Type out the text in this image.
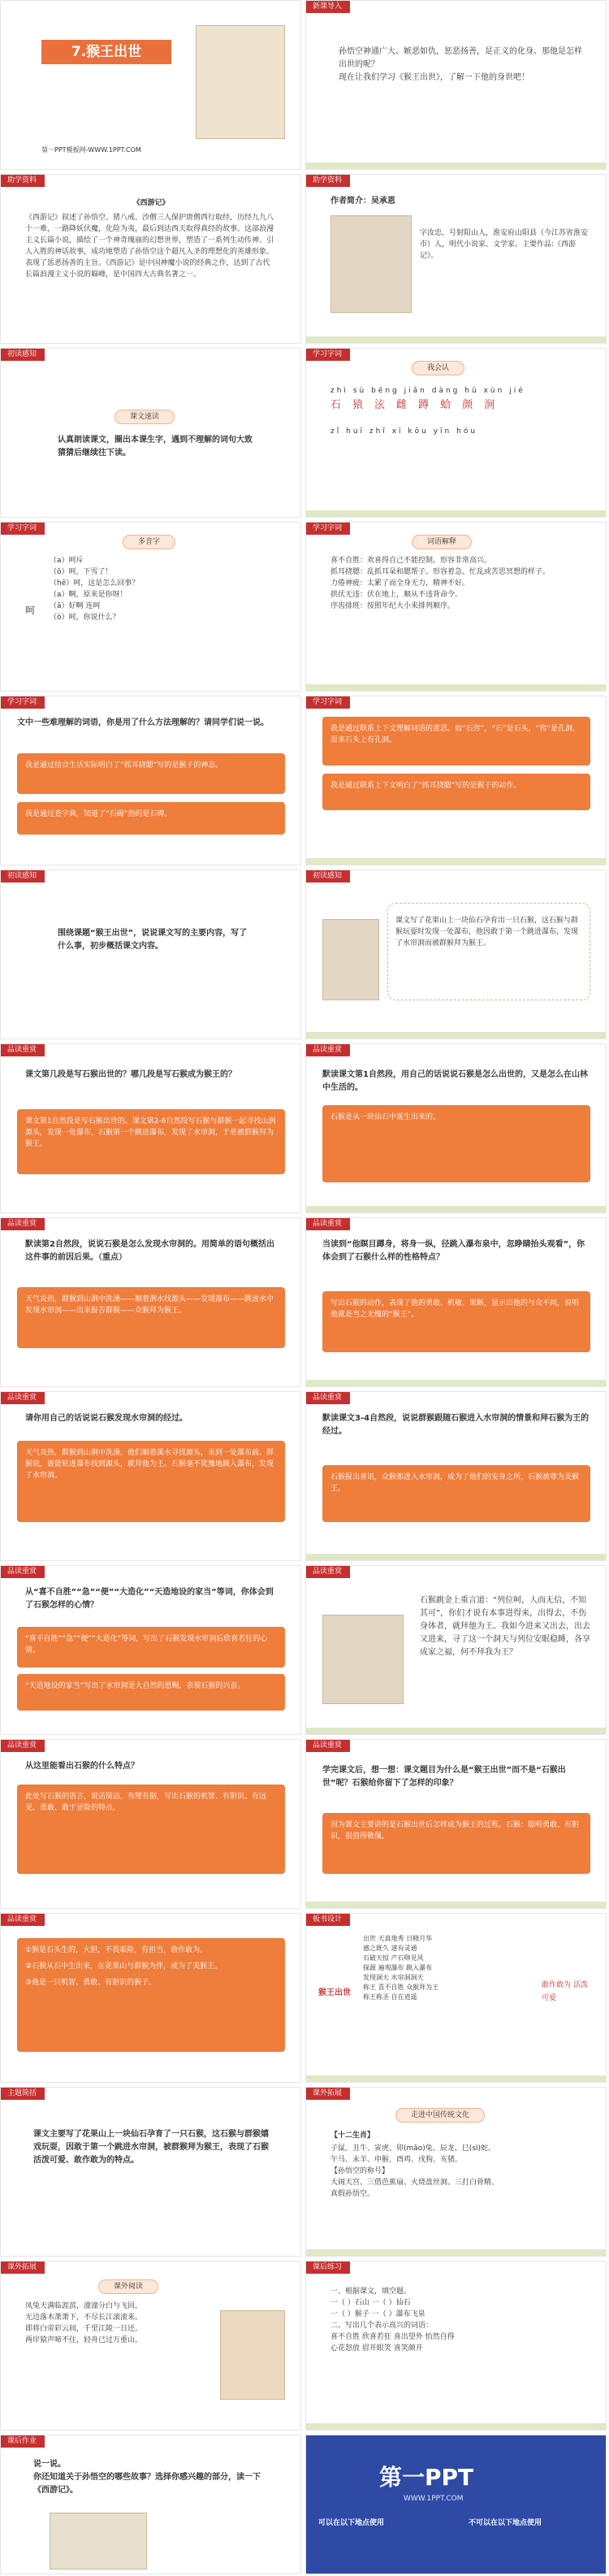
7.猴王出世
第一PPT模板网-WWW.1PPT.COM
新课导入
孙悟空神通广大、嫉恶如仇，惩恶扬善，是正义的化身。那他是怎样出世的呢？
现在让我们学习《猴王出世》，了解一下他的身世吧！
助学资料
《西游记》
《西游记》叙述了孙悟空、猪八戒、沙僧三人保护唐僧西行取经，历经九九八十一难，一路降妖伏魔，化险为夷，最后到达西天取得真经的故事。这部浪漫主义长篇小说，描绘了一个神奇瑰丽的幻想世界，塑造了一系列生动传神、引人入胜的神话故事，成功地塑造了孙悟空这个超凡入圣的理想化的英雄形象。表现了惩恶扬善的主旨。《西游记》是中国神魔小说的经典之作，达到了古代长篇浪漫主义小说的巅峰，是中国四大古典名著之一。
助学资料
作者简介：吴承恩
字汝忠，号射阳山人，淮安府山阳县（今江苏省淮安市）人，明代小说家、文学家。主要作品:《西游记》。
初读感知
课文速读
认真朗读课文，圈出本课生字，遇到不理解的词句大致猜猜后继续往下读。
学习字词
我会认
zhì sù bēng jiǎn dàng hǔ xùn jié
石猿泫雌蹲蛤颜涧
zǐ huī zhǐ xī kōu yīn hóu
学习字词
多音字
呵
（a）呵斥
（ō）呵，下雪了！
（hē）呵，这是怎么回事？
（a）啊，原来是你呀！
（ā）好啊 连呵
（ò）呵，你说什么？
学习字词
词语解释
喜不自胜：欢喜得自己不能控制。形容非常高兴。
抓耳挠腮：乱抓耳朵和腮帮子。形容着急、忙乱或苦思冥想的样子。
力倦神疲：太累了而全身无力，精神不好。
拱伏无违：伏在地上，顺从不违背命令。
序齿排班：按照年纪大小来排列顺序。
学习字词
文中一些难理解的词语，你是用了什么方法理解的？请同学们说一说。
我是通过结合生活实际明白了“抓耳挠腮”写的是猴子的神态。
我是通过查字典，知道了“石碣”指的是石碑。
学习字词
我是通过联系上下文理解词语的意思。如“石窍”，“石”是石头，“窍”是孔洞，原来石头上有孔洞。
我是通过联系上下文明白了“抓耳挠腮”写的是猴子的动作。
初读感知
围绕课题“猴王出世”，说说课文写的主要内容，写了什么事，初步概括课文内容。
初读感知
课文写了花果山上一块仙石孕育出一只石猴，这石猴与群猴玩耍时发现一处瀑布，他因敢于第一个跳进瀑布，发现了水帘洞而被群猴拜为猴王。
品读重赏
课文第几段是写石猴出世的？哪几段是写石猴成为猴王的？
课文第1自然段是写石猴出世的。课文第2-6自然段写石猴与群猴一起寻找山涧源头，发现一处瀑布，石猴第一个跳进瀑布，发现了水帘洞，于是被群猴拜为猴王。
品读重赏
默读课文第1自然段，用自己的话说说石猴是怎么出世的，又是怎么在山林中生活的。
石猴是从一块仙石中诞生出来的。
品读重赏
默读第2自然段，说说石猴是怎么发现水帘洞的。用简单的语句概括出这件事的前因后果。（重点）
天气炎热，群猴到山涧中洗澡——顺着涧水找源头——发现瀑布——跳进水中发现水帘洞——出来报告群猴——众猴拜为猴王。
品读重赏
当读到“他瞑目蹲身，将身一纵，径跳入瀑布泉中，忽睁睛抬头观看”，你体会到了石猴什么样的性格特点？
写出石猴的动作，表现了他的勇敢、机敏、果断，显示出他的与众不同，说明他就是当之无愧的“猴王”。
品读重赏
请你用自己的话说说石猴发现水帘洞的经过。
天气炎热，群猴到山涧中洗澡，他们顺着溪水寻找源头，来到一处瀑布前。群猴说，谁能钻进瀑布找到源头，就拜他为王。石猴毫不犹豫地跳入瀑布，发现了水帘洞。
品读重赏
默读课文3-4自然段，说说群猴跟随石猴进入水帘洞的情景和拜石猴为王的经过。
石猴报出喜讯，众猴都进入水帘洞，成为了他们的安身之所，石猴被尊为美猴王。
品读重赏
从“喜不自胜”“急”“便”“大造化”“天造地设的家当”等词，你体会到了石猴怎样的心情？
“喜不自胜”“急”“便”“大造化”等词，写出了石猴发现水帘洞后欣喜若狂的心情。
“天造地设的家当”写出了水帘洞是大自然的恩赐，表现石猴的兴奋。
品读重赏
石猴跳金上重言道：“列位呵，人而无信，不知其可”，你们才说有本事进得来，出得去，不伤身体者，就拜他为王。我如今进来又出去，出去又进来，寻了这一个洞天与列位安眠稳睡，各享成家之福，何不拜我为王？
品读重赏
从这里能看出石猴的什么特点？
此处写石猴的语言，说话简洁，有理有据，写出石猴的机智、有胆识、有远见、勇敢、敢于冒险的特点。
品读重赏
学完课文后，想一想：课文题目为什么是“猴王出世”而不是“石猴出世”呢？石猴给你留下了怎样的印象？
因为课文主要讲的是石猴出世后怎样成为猴王的过程。石猴：聪明勇敢、有胆识，很值得敬佩。
品读重赏
①猴是石头生的，大胆，不畏艰险，有担当，敢作敢为。
②石猴从石中生出来，在花果山与群猴为伴，成为了美猴王。
③他是一只机智、勇敢、有胆识的猴子。
板书设计
猴王出世
出世 天真地秀 日精月华
感之既久 遂有灵通
石破天惊 产石卵见风
探源 遍观瀑布 跳入瀑布
发现洞天 水帘洞洞天
称王 喜不自胜 众猴拜为王
称王称圣 自在逍遥
敢作敢为 活泼可爱
主题简括
课文主要写了花果山上一块仙石孕育了一只石猴，这石猴与群猴嬉戏玩耍，因敢于第一个跳进水帘洞，被群猴拜为猴王，表现了石猴活泼可爱、敢作敢为的特点。
课外拓展
走进中国传统文化
【十二生肖】
子鼠、丑牛、寅虎、卯(mǎo)兔、辰龙、巳(sì)蛇、
午马、未羊、申猴、酉鸡、戌狗、亥猪。
【孙悟空的称号】
大闹天宫、三借芭蕉扇、火烧盘丝洞、三打白骨精、
真假孙悟空。
课外拓展
课外阅读
凤兔天满临涯滨，潼潼分白与飞回。
无边落木萧萧下，不尽长江滚滚来。
即将白帝彩云间，千里江陵一日还。
两岸猿声啼不住，轻舟已过万重山。
课后练习
一、根据课文，填空题。
一（ ）石山 一（ ）仙石
一（ ）猴子 一（ ）瀑布飞泉
二、写出几个表示高兴的词语：
喜不自胜 欣喜若狂 喜出望外 怡然自得
心花怒放 眉开眼笑 喜笑颜开
课后作业
说一说。
你还知道关于孙悟空的哪些故事？选择你感兴趣的部分，读一下《西游记》。	第一PPT
WWW.1PPT.COM
可以在以下地点使用	不可以在以下地点使用
